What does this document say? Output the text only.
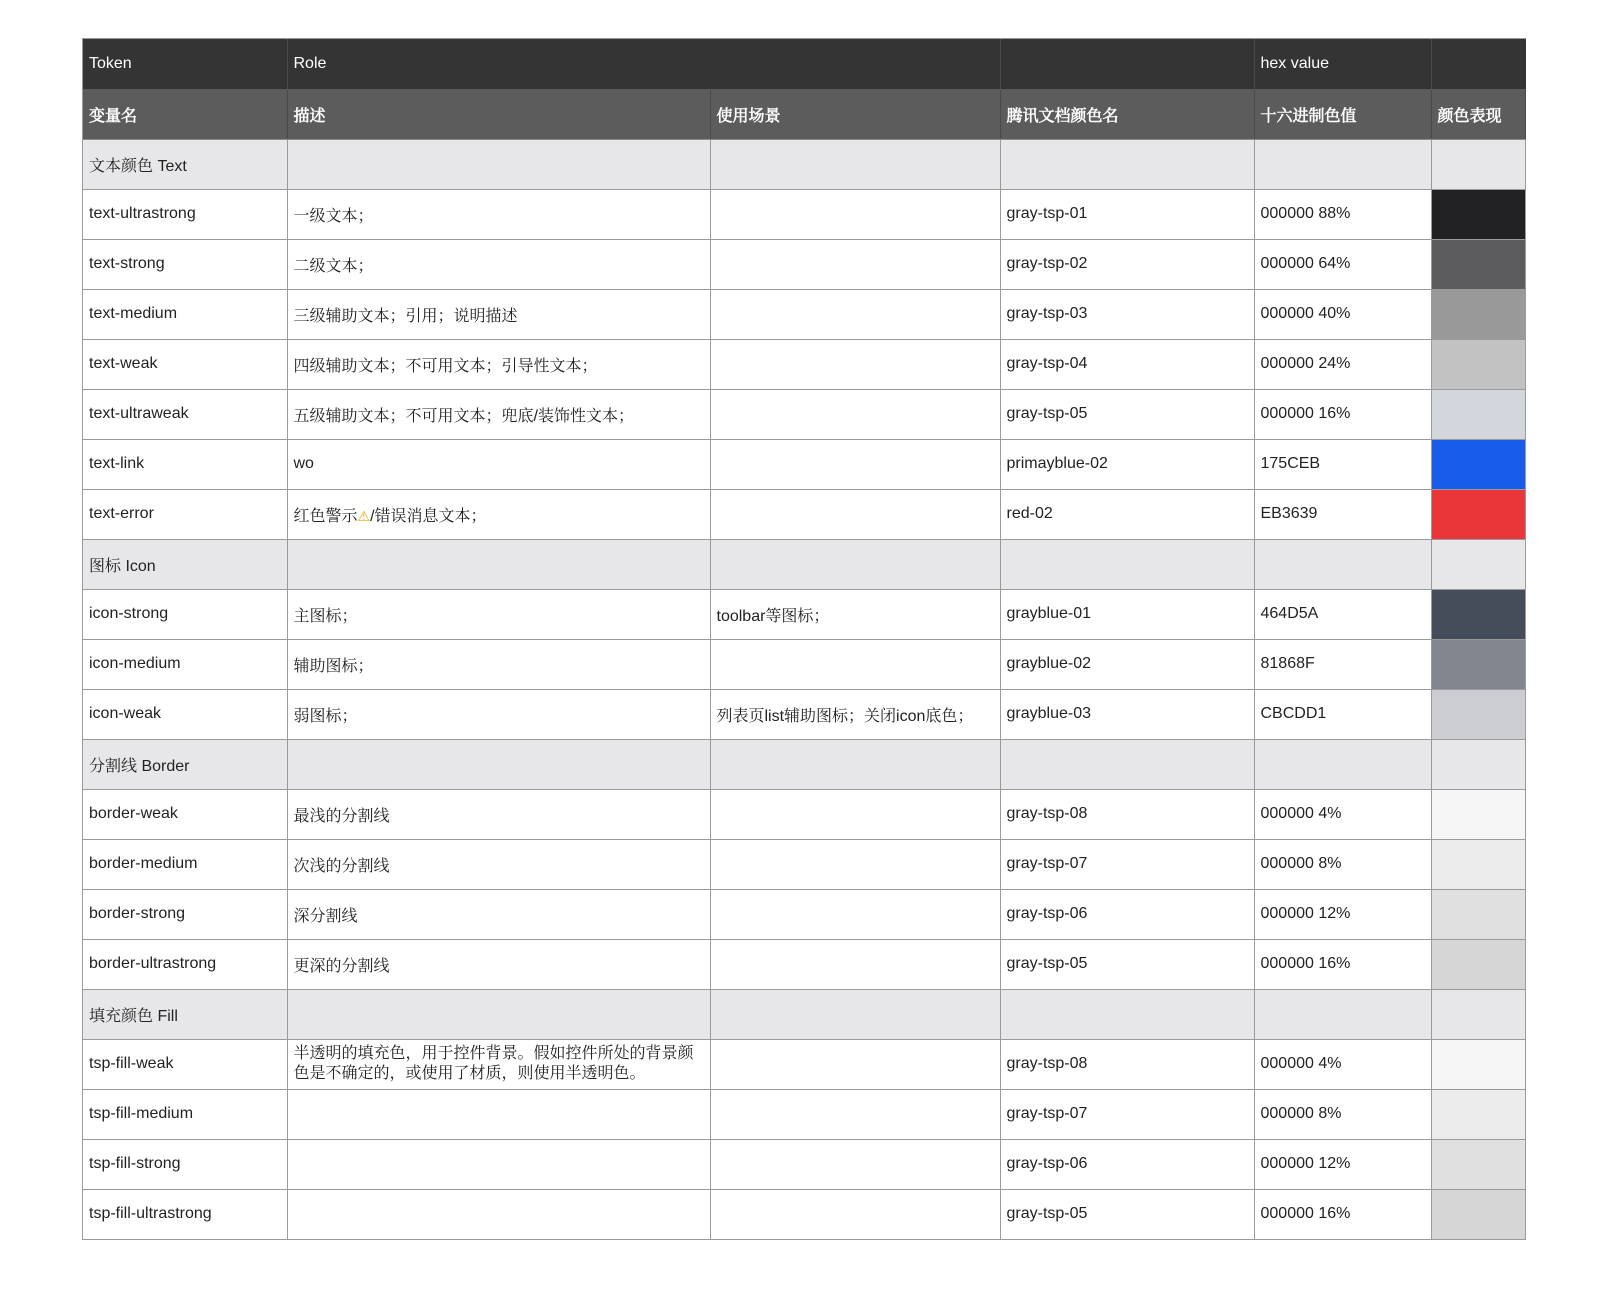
Token	Role			hex value	
变量名	描述	使用场景	腾讯文档颜色名	十六进制色值	颜色表现
文本颜色 Text					
text-ultrastrong	一级文本；		gray-tsp-01	000000 88%	
text-strong	二级文本；		gray-tsp-02	000000 64%	
text-medium	三级辅助文本；引用；说明描述		gray-tsp-03	000000 40%	
text-weak	四级辅助文本；不可用文本；引导性文本；		gray-tsp-04	000000 24%	
text-ultraweak	五级辅助文本；不可用文本；兜底/装饰性文本；		gray-tsp-05	000000 16%	
text-link	wo		primayblue-02	175CEB	
text-error	红色警示⚠/错误消息文本；		red-02	EB3639	
图标 Icon					
icon-strong	主图标；	toolbar等图标；	grayblue-01	464D5A	
icon-medium	辅助图标；		grayblue-02	81868F	
icon-weak	弱图标；	列表页list辅助图标；关闭icon底色；	grayblue-03	CBCDD1	
分割线 Border					
border-weak	最浅的分割线		gray-tsp-08	000000 4%	
border-medium	次浅的分割线		gray-tsp-07	000000 8%	
border-strong	深分割线		gray-tsp-06	000000 12%	
border-ultrastrong	更深的分割线		gray-tsp-05	000000 16%	
填充颜色 Fill					
tsp-fill-weak	半透明的填充色，用于控件背景。假如控件所处的背景颜色是不确定的，或使用了材质，则使用半透明色。		gray-tsp-08	000000 4%	
tsp-fill-medium			gray-tsp-07	000000 8%	
tsp-fill-strong			gray-tsp-06	000000 12%	
tsp-fill-ultrastrong			gray-tsp-05	000000 16%	
